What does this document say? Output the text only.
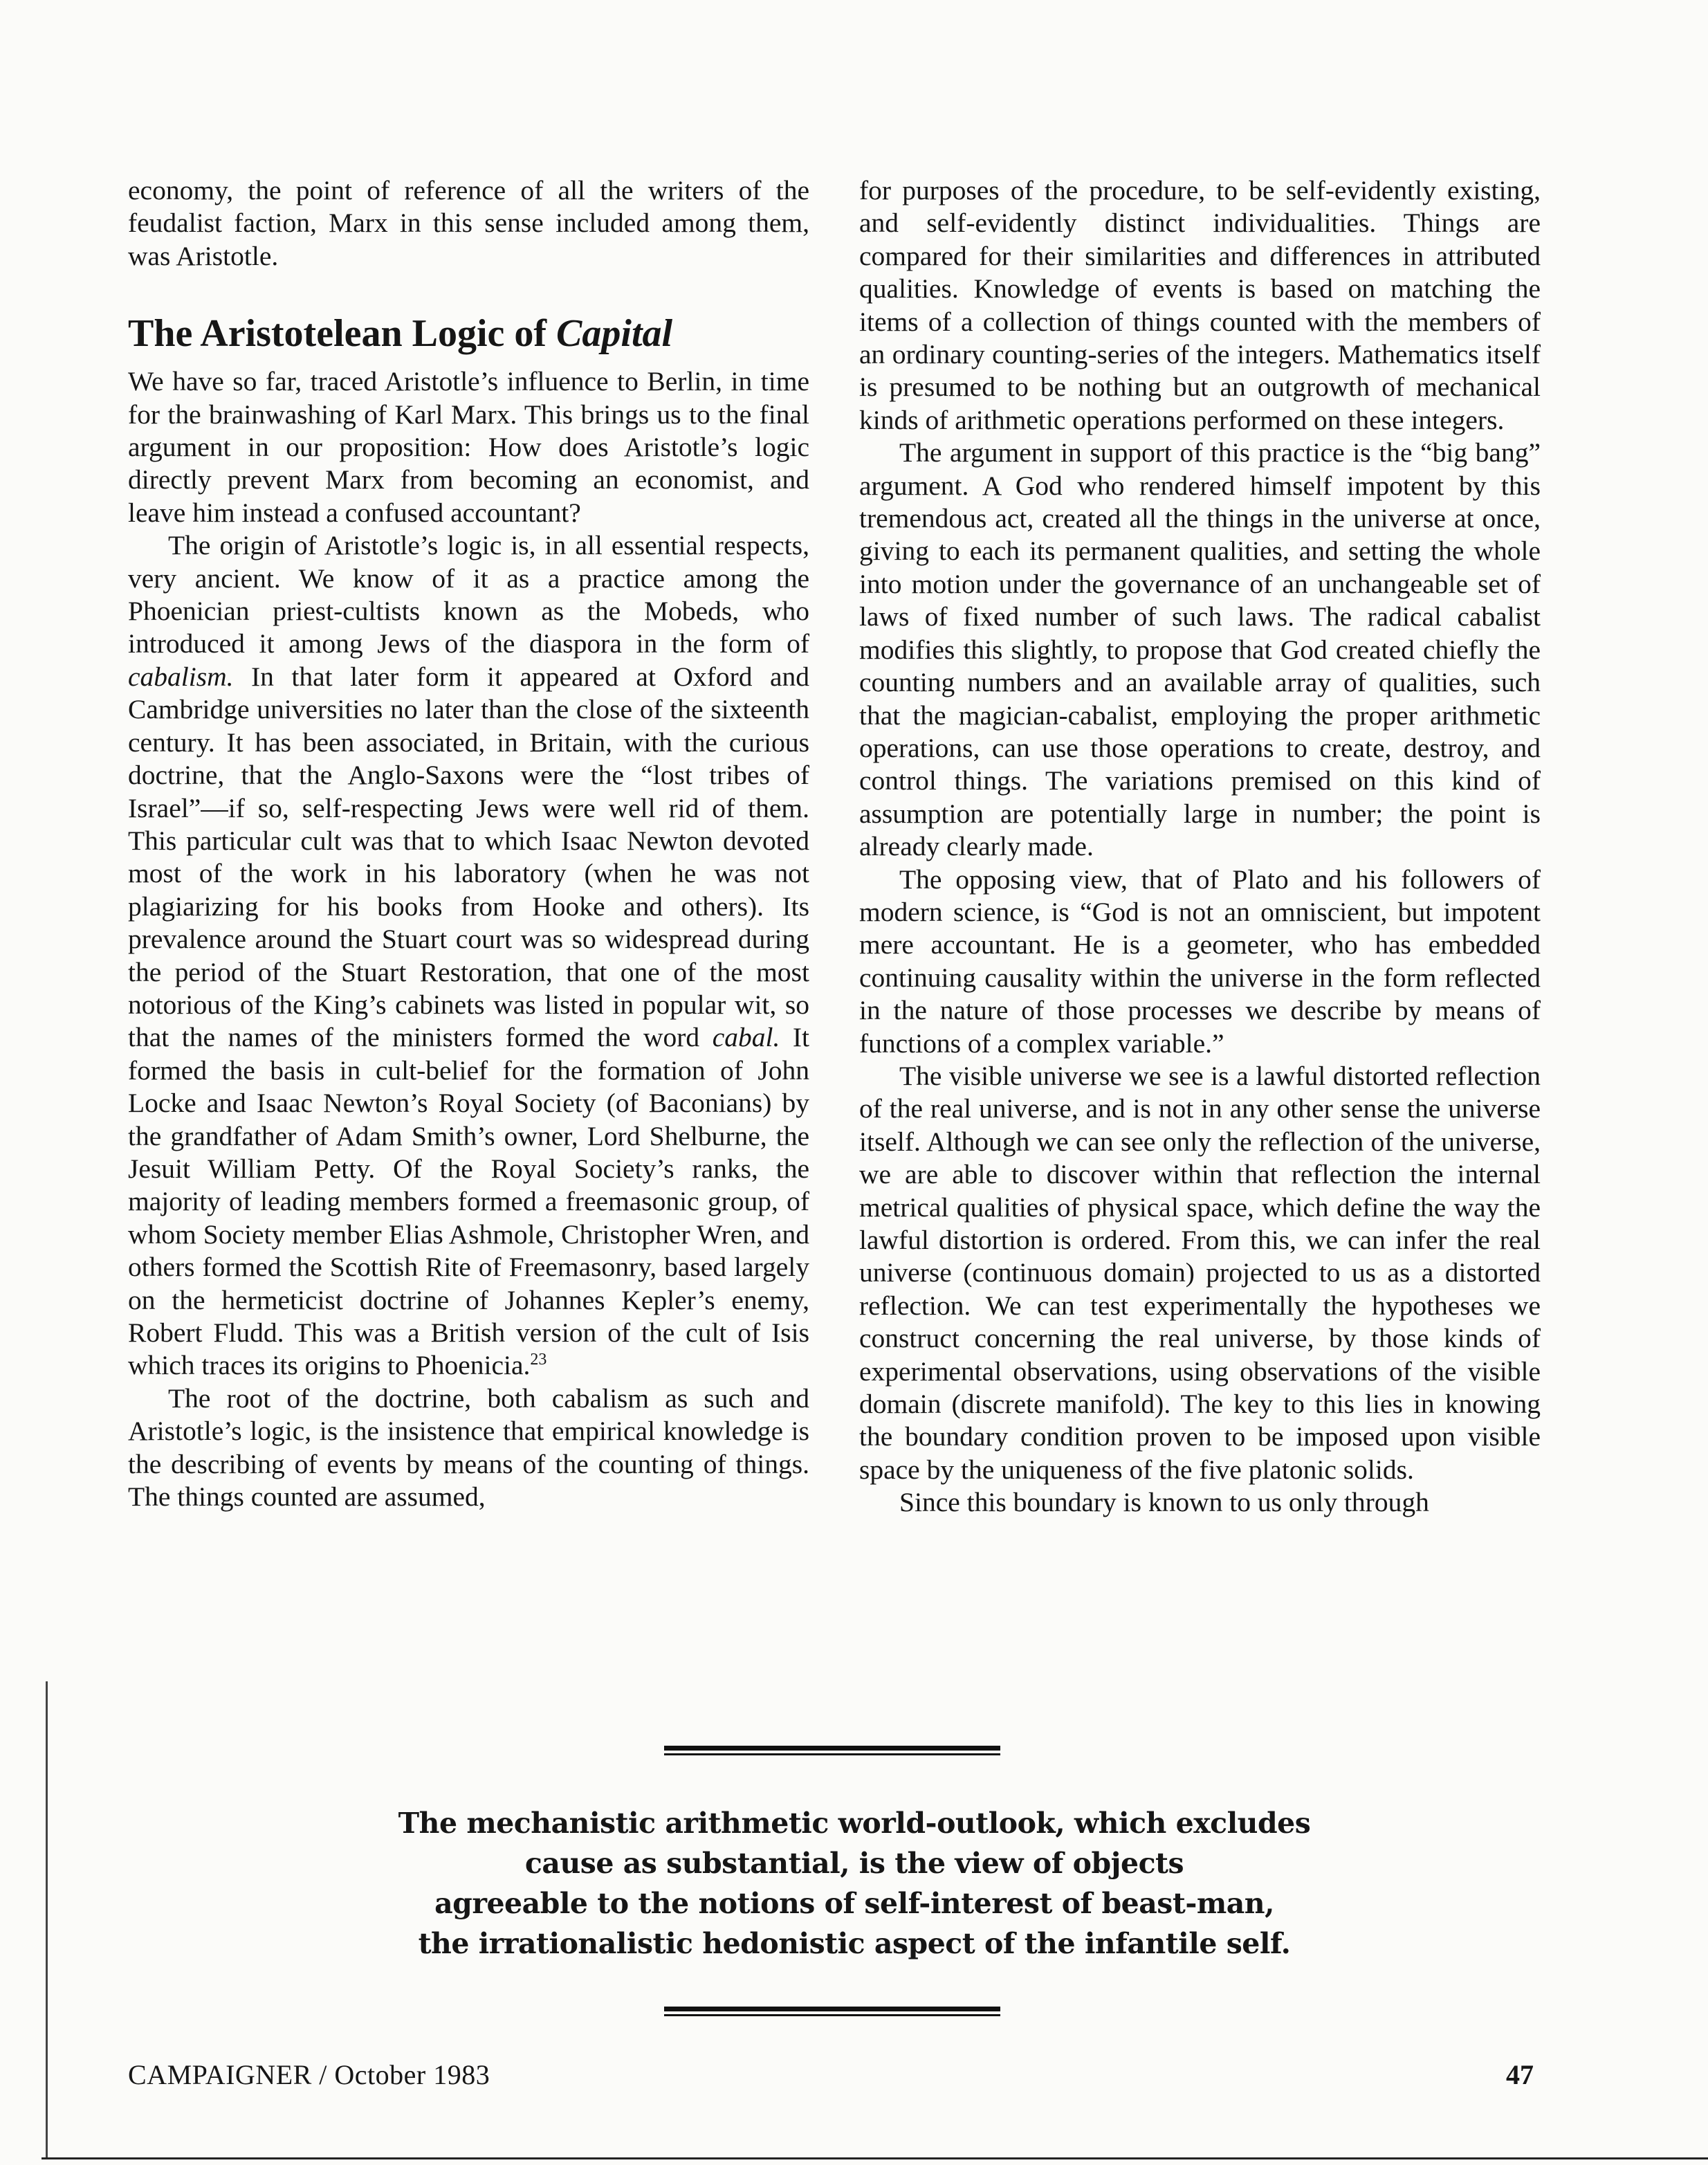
economy, the point of reference of all the writers of the feudalist faction, Marx in this sense included among them, was Aristotle.

The Aristotelean Logic of Capital

We have so far, traced Aristotle’s influence to Berlin, in time for the brainwashing of Karl Marx. This brings us to the final argument in our proposition: How does Aristotle’s logic directly prevent Marx from becoming an economist, and leave him instead a confused accountant?

The origin of Aristotle’s logic is, in all essential respects, very ancient. We know of it as a practice among the Phoenician priest-cultists known as the Mobeds, who introduced it among Jews of the diaspora in the form of cabalism. In that later form it appeared at Oxford and Cambridge universities no later than the close of the sixteenth century. It has been associated, in Britain, with the curious doctrine, that the Anglo-Saxons were the “lost tribes of Israel”—if so, self-respecting Jews were well rid of them. This particular cult was that to which Isaac Newton devoted most of the work in his laboratory (when he was not plagiarizing for his books from Hooke and others). Its prevalence around the Stuart court was so widespread during the period of the Stuart Restoration, that one of the most notorious of the King’s cabinets was listed in popular wit, so that the names of the ministers formed the word cabal. It formed the basis in cult-belief for the formation of John Locke and Isaac Newton’s Royal Society (of Baconians) by the grandfather of Adam Smith’s owner, Lord Shelburne, the Jesuit William Petty. Of the Royal Society’s ranks, the majority of leading members formed a freemasonic group, of whom Society member Elias Ashmole, Christopher Wren, and others formed the Scottish Rite of Freemasonry, based largely on the hermeticist doctrine of Johannes Kepler’s enemy, Robert Fludd. This was a British version of the cult of Isis which traces its origins to Phoenicia.$^{23}$

The root of the doctrine, both cabalism as such and Aristotle’s logic, is the insistence that empirical knowledge is the describing of events by means of the counting of things. The things counted are assumed,

for purposes of the procedure, to be self-evidently existing, and self-evidently distinct individualities. Things are compared for their similarities and differences in attributed qualities. Knowledge of events is based on matching the items of a collection of things counted with the members of an ordinary counting-series of the integers. Mathematics itself is presumed to be nothing but an outgrowth of mechanical kinds of arithmetic operations performed on these integers.

The argument in support of this practice is the “big bang” argument. A God who rendered himself impotent by this tremendous act, created all the things in the universe at once, giving to each its permanent qualities, and setting the whole into motion under the governance of an unchangeable set of laws of fixed number of such laws. The radical cabalist modifies this slightly, to propose that God created chiefly the counting numbers and an available array of qualities, such that the magician-cabalist, employing the proper arithmetic operations, can use those operations to create, destroy, and control things. The variations premised on this kind of assumption are potentially large in number; the point is already clearly made.

The opposing view, that of Plato and his followers of modern science, is “God is not an omniscient, but impotent mere accountant. He is a geometer, who has embedded continuing causality within the universe in the form reflected in the nature of those processes we describe by means of functions of a complex variable.”

The visible universe we see is a lawful distorted reflection of the real universe, and is not in any other sense the universe itself. Although we can see only the reflection of the universe, we are able to discover within that reflection the internal metrical qualities of physical space, which define the way the lawful distortion is ordered. From this, we can infer the real universe (continuous domain) projected to us as a distorted reflection. We can test experimentally the hypotheses we construct concerning the real universe, by those kinds of experimental observations, using observations of the visible domain (discrete manifold). The key to this lies in knowing the boundary condition proven to be imposed upon visible space by the uniqueness of the five platonic solids.

Since this boundary is known to us only through

The mechanistic arithmetic world-outlook, which excludes
cause as substantial, is the view of objects
agreeable to the notions of self-interest of beast-man,
the irrationalistic hedonistic aspect of the infantile self.
CAMPAIGNER / October 1983	47
